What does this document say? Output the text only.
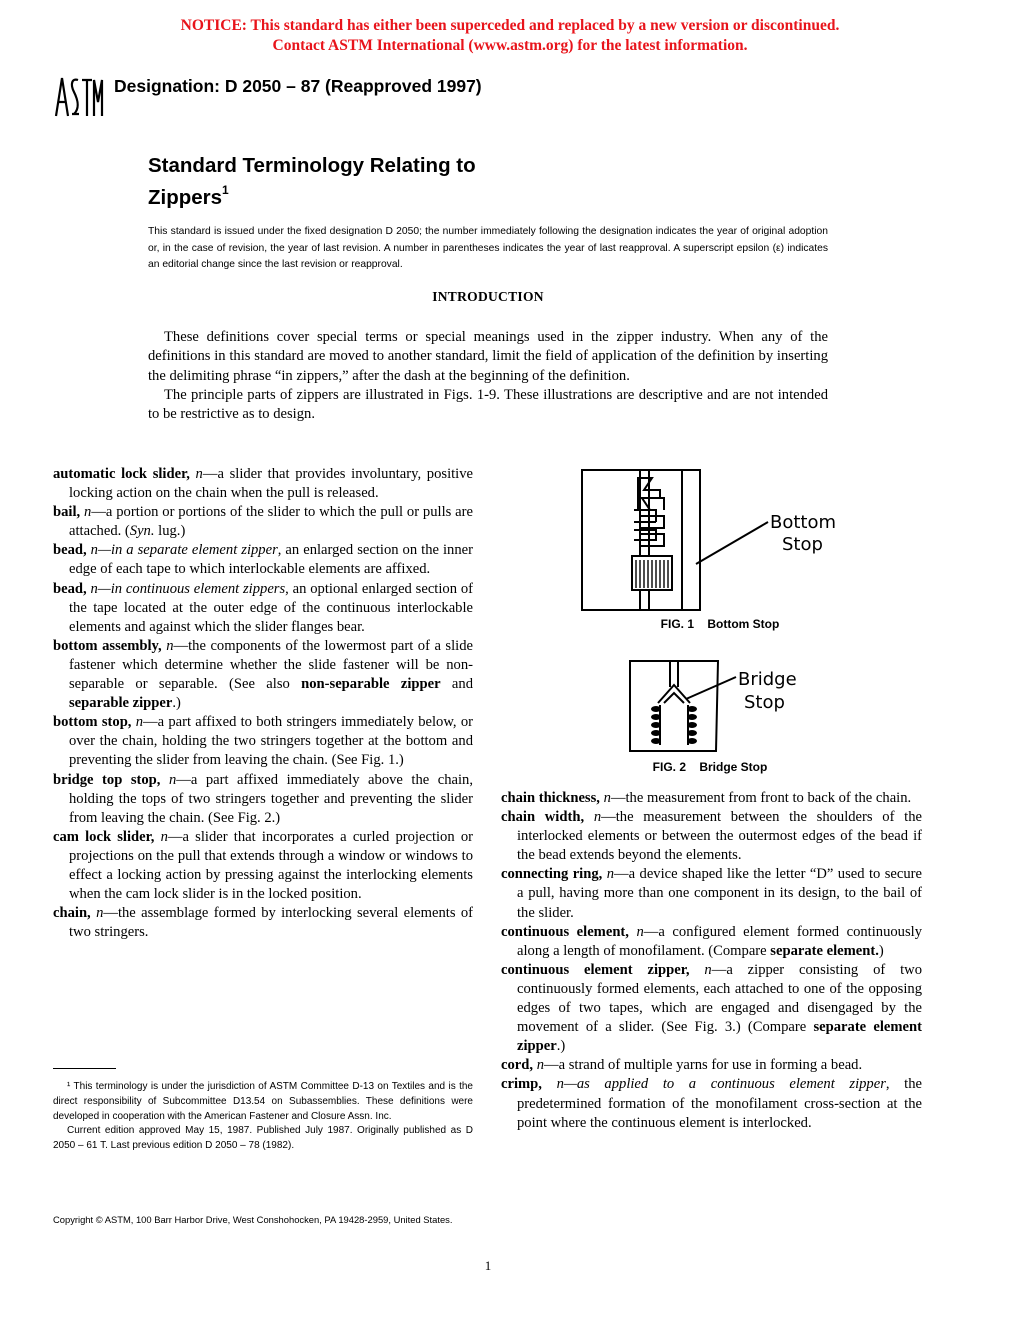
NOTICE: This standard has either been superceded and replaced by a new version or discontinued.
Contact ASTM International (www.astm.org) for the latest information.
ASTM
Designation: D 2050 – 87 (Reapproved 1997)
Standard Terminology Relating to
Zippers$^1$
This standard is issued under the fixed designation D 2050; the number immediately following the designation indicates the year of original adoption or, in the case of revision, the year of last revision. A number in parentheses indicates the year of last reapproval. A superscript epsilon (ε) indicates an editorial change since the last revision or reapproval.
INTRODUCTION

These definitions cover special terms or special meanings used in the zipper industry. When any of the definitions in this standard are moved to another standard, limit the field of application of the definition by inserting the delimiting phrase “in zippers,” after the dash at the beginning of the definition.

The principle parts of zippers are illustrated in Figs. 1-9. These illustrations are descriptive and are not intended to be restrictive as to design.

automatic lock slider, n—a slider that provides involuntary, positive locking action on the chain when the pull is released.

bail, n—a portion or portions of the slider to which the pull or pulls are attached. (Syn. lug.)

bead, n—in a separate element zipper, an enlarged section on the inner edge of each tape to which interlockable elements are affixed.

bead, n—in continuous element zippers, an optional enlarged section of the tape located at the outer edge of the continuous interlockable elements and against which the slider flanges bear.

bottom assembly, n—the components of the lowermost part of a slide fastener which determine whether the slide fastener will be non-separable or separable. (See also non-separable zipper and separable zipper.)

bottom stop, n—a part affixed to both stringers immediately below, or over the chain, holding the two stringers together at the bottom and preventing the slider from leaving the chain. (See Fig. 1.)

bridge top stop, n—a part affixed immediately above the chain, holding the tops of two stringers together and preventing the slider from leaving the chain. (See Fig. 2.)

cam lock slider, n—a slider that incorporates a curled projection or projections on the pull that extends through a window or windows to effect a locking action by pressing against the interlocking elements when the cam lock slider is in the locked position.

chain, n—the assemblage formed by interlocking several elements of two stringers.

Bottom
Stop
FIG. 1 Bottom Stop
Bridge
Stop
FIG. 2 Bridge Stop

chain thickness, n—the measurement from front to back of the chain.

chain width, n—the measurement between the shoulders of the interlocked elements or between the outermost edges of the bead if the bead extends beyond the elements.

connecting ring, n—a device shaped like the letter “D” used to secure a pull, having more than one component in its design, to the bail of the slider.

continuous element, n—a configured element formed continuously along a length of monofilament. (Compare separate element.)

continuous element zipper, n—a zipper consisting of two continuously formed elements, each attached to one of the opposing edges of two tapes, which are engaged and disengaged by the movement of a slider. (See Fig. 3.) (Compare separate element zipper.)

cord, n—a strand of multiple yarns for use in forming a bead.

crimp, n—as applied to a continuous element zipper, the predetermined formation of the monofilament cross-section at the point where the continuous element is interlocked.

¹ This terminology is under the jurisdiction of ASTM Committee D-13 on Textiles and is the direct responsibility of Subcommittee D13.54 on Subassemblies. These definitions were developed in cooperation with the American Fastener and Closure Assn. Inc.

Current edition approved May 15, 1987. Published July 1987. Originally published as D 2050 – 61 T. Last previous edition D 2050 – 78 (1982).

Copyright © ASTM, 100 Barr Harbor Drive, West Conshohocken, PA 19428-2959, United States.
1
